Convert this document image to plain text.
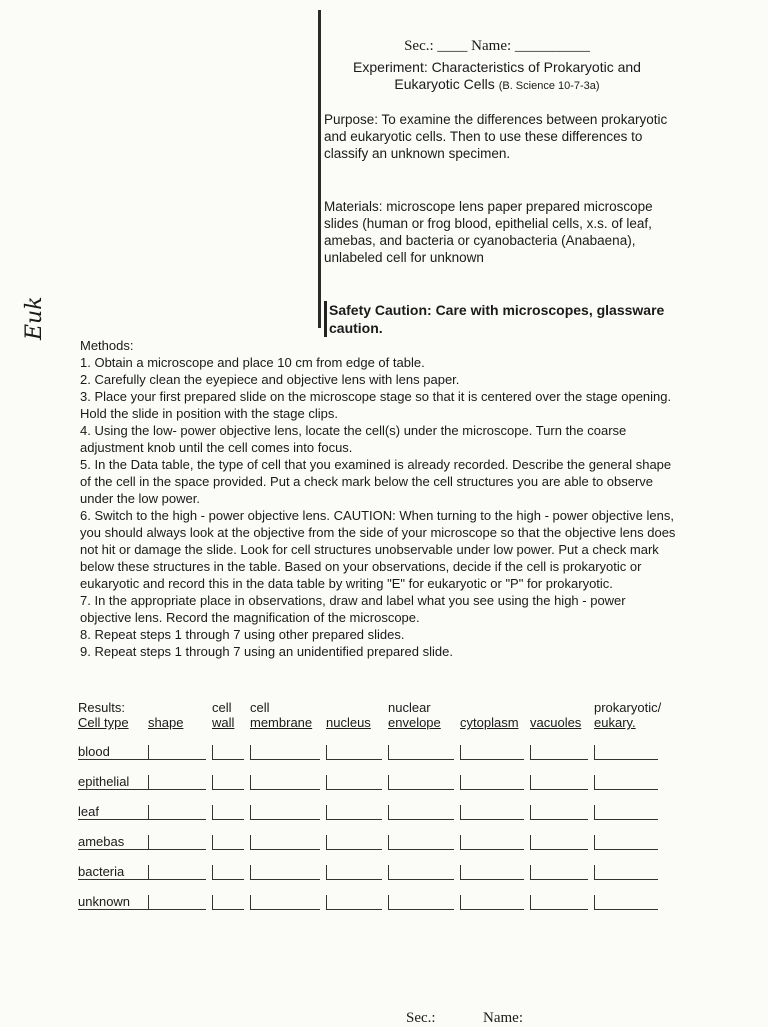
Sec.: ____ Name: __________
Experiment: Characteristics of Prokaryotic and
Eukaryotic Cells (B. Science 10-7-3a)
Purpose: To examine the differences between prokaryotic and eukaryotic cells. Then to use these differences to classify an unknown specimen.
Materials: microscope lens paper prepared microscope slides (human or frog blood, epithelial cells, x.s. of leaf, amebas, and bacteria or cyanobacteria (Anabaena), unlabeled cell for unknown
Safety Caution: Care with microscopes, glassware caution.
Euk

Methods:

1. Obtain a microscope and place 10 cm from edge of table.

2. Carefully clean the eyepiece and objective lens with lens paper.

3. Place your first prepared slide on the microscope stage so that it is centered over the stage opening. Hold the slide in position with the stage clips.

4. Using the low- power objective lens, locate the cell(s) under the microscope. Turn the coarse adjustment knob until the cell comes into focus.

5. In the Data table, the type of cell that you examined is already recorded. Describe the general shape of the cell in the space provided. Put a check mark below the cell structures you are able to observe under the low power.

6. Switch to the high - power objective lens. CAUTION: When turning to the high - power objective lens, you should always look at the objective from the side of your microscope so that the objective lens does not hit or damage the slide. Look for cell structures unobservable under low power. Put a check mark below these structures in the table. Based on your observations, decide if the cell is prokaryotic or eukaryotic and record this in the data table by writing "E" for eukaryotic or "P" for prokaryotic.

7. In the appropriate place in observations, draw and label what you see using the high - power objective lens. Record the magnification of the microscope.

8. Repeat steps 1 through 7 using other prepared slides.

9. Repeat steps 1 through 7 using an unidentified prepared slide.

Results:		cell	cell		nuclear			prokaryotic/
Cell type	shape	wall	membrane	nucleus	envelope	cytoplasm	vacuoles	eukary.

blood								

epithelial								

leaf								

amebas								

bacteria								

unknown								

Sec.:	Name:
